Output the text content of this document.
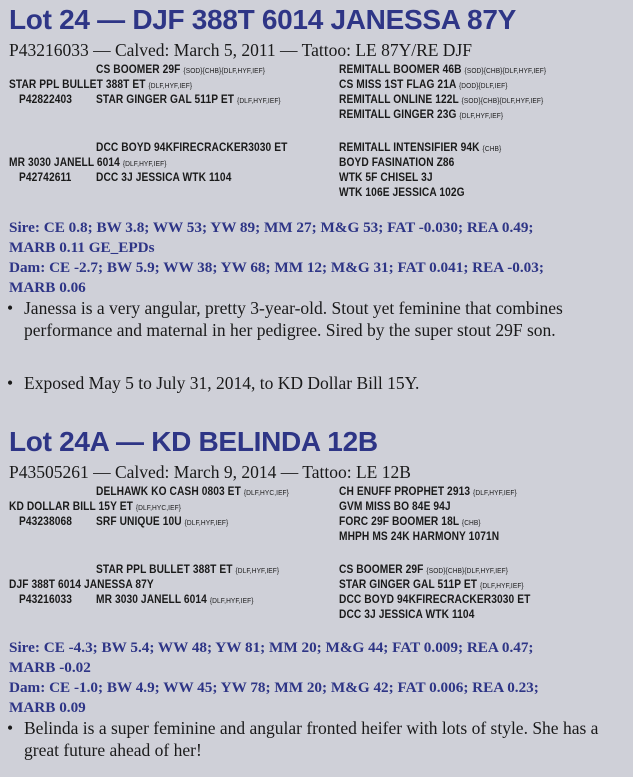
Lot 24 — DJF 388T 6014 JANESSA 87Y
P43216033 — Calved: March 5, 2011 — Tattoo: LE 87Y/RE DJF
CS BOOMER 29F {SOD}{CHB}{DLF,HYF,IEF}
STAR PPL BULLET 388T ET {DLF,HYF,IEF}
P42822403 STAR GINGER GAL 511P ET {DLF,HYF,IEF}
REMITALL BOOMER 46B {SOD}{CHB}{DLF,HYF,IEF}
CS MISS 1ST FLAG 21A {DOD}{DLF,IEF}
REMITALL ONLINE 122L {SOD}{CHB}{DLF,HYF,IEF}
REMITALL GINGER 23G {DLF,HYF,IEF}
DCC BOYD 94KFIRECRACKER3030 ET
MR 3030 JANELL 6014 {DLF,HYF,IEF}
P42742611 DCC 3J JESSICA WTK 1104
REMITALL INTENSIFIER 94K {CHB}
BOYD FASINATION Z86
WTK 5F CHISEL 3J
WTK 106E JESSICA 102G
Sire: CE 0.8; BW 3.8; WW 53; YW 89; MM 27; M&G 53; FAT -0.030; REA 0.49;
MARB 0.11 GE_EPDs
Dam: CE -2.7; BW 5.9; WW 38; YW 68; MM 12; M&G 31; FAT 0.041; REA -0.03;
MARB 0.06
• Janessa is a very angular, pretty 3-year-old. Stout yet feminine that combines performance and maternal in her pedigree. Sired by the super stout 29F son.
• Exposed May 5 to July 31, 2014, to KD Dollar Bill 15Y.
Lot 24A — KD BELINDA 12B
P43505261 — Calved: March 9, 2014 — Tattoo: LE 12B
DELHAWK KO CASH 0803 ET {DLF,HYC,IEF}
KD DOLLAR BILL 15Y ET {DLF,HYC,IEF}
P43238068 SRF UNIQUE 10U {DLF,HYF,IEF}
CH ENUFF PROPHET 2913 {DLF,HYF,IEF}
GVM MISS BO 84E 94J
FORC 29F BOOMER 18L {CHB}
MHPH MS 24K HARMONY 1071N
STAR PPL BULLET 388T ET {DLF,HYF,IEF}
DJF 388T 6014 JANESSA 87Y
P43216033 MR 3030 JANELL 6014 {DLF,HYF,IEF}
CS BOOMER 29F {SOD}{CHB}{DLF,HYF,IEF}
STAR GINGER GAL 511P ET {DLF,HYF,IEF}
DCC BOYD 94KFIRECRACKER3030 ET
DCC 3J JESSICA WTK 1104
Sire: CE -4.3; BW 5.4; WW 48; YW 81; MM 20; M&G 44; FAT 0.009; REA 0.47;
MARB -0.02
Dam: CE -1.0; BW 4.9; WW 45; YW 78; MM 20; M&G 42; FAT 0.006; REA 0.23;
MARB 0.09
• Belinda is a super feminine and angular fronted heifer with lots of style. She has a great future ahead of her!
